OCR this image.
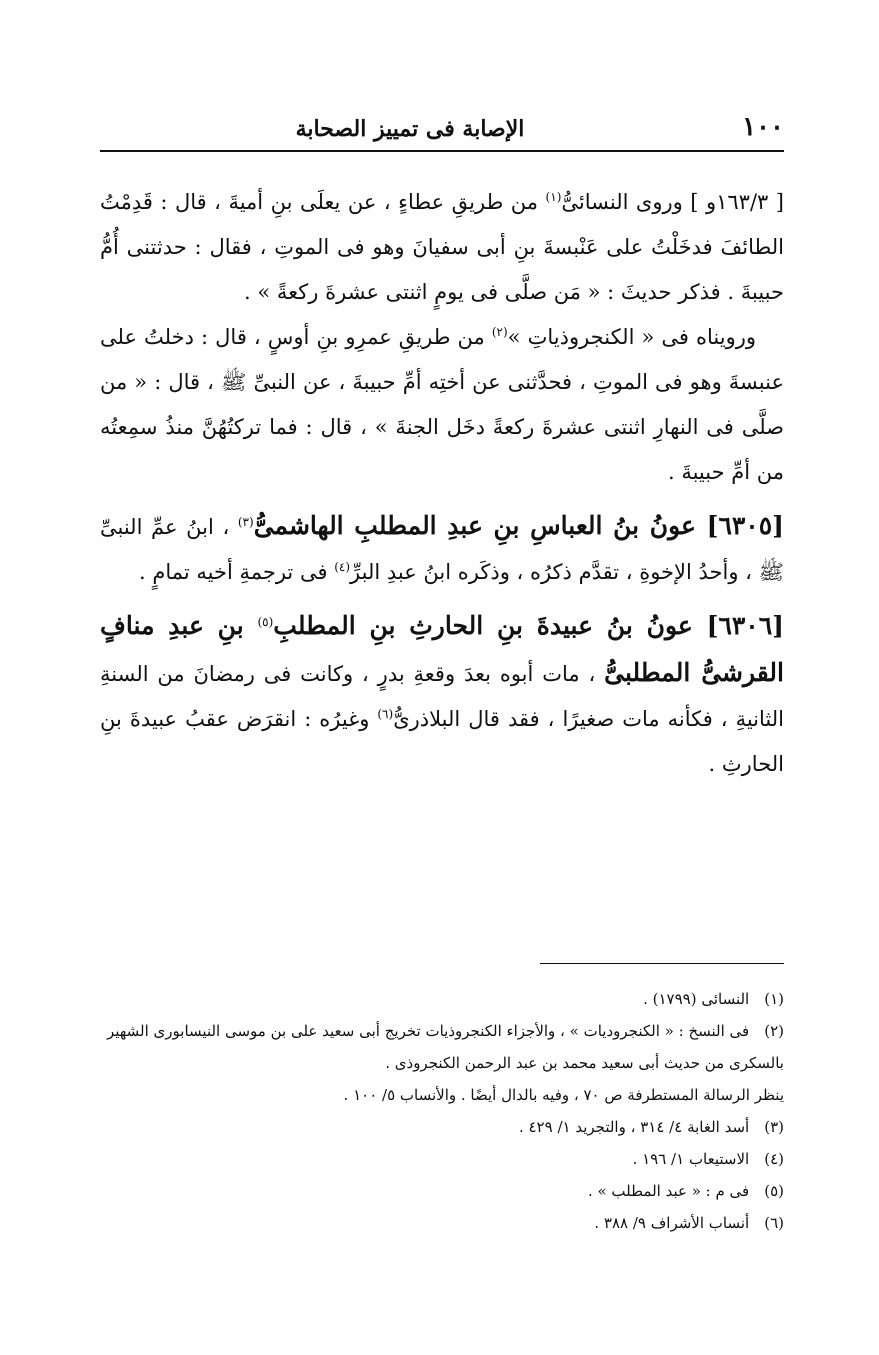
١٠٠
الإصابة فى تمييز الصحابة

[ ١٦٣/٣و ] وروى النسائىُّ$^{(١)}$ من طريقِ عطاءٍ ، عن يعلَى بنِ أميةَ ، قال : قَدِمْتُ الطائفَ فدخَلْتُ على عَنْبسةَ بنِ أبى سفيانَ وهو فى الموتِ ، فقال : حدثتنى أُمُّ حبيبةَ . فذكر حديثَ : « مَن صلَّى فى يومٍ اثنتى عشرةَ ركعةً » .

ورويناه فى « الكنجروذياتِ »$^{(٢)}$ من طريقِ عمرِو بنِ أوسٍ ، قال : دخلتُ على عنبسةَ وهو فى الموتِ ، فحدَّثنى عن أختِه أمِّ حبيبةَ ، عن النبىِّ ﷺ ، قال : « من صلَّى فى النهارِ اثنتى عشرةَ ركعةً دخَل الجنةَ » ، قال : فما تركتُهُنَّ منذُ سمِعتُه من أمِّ حبيبةَ .

[٦٣٠٥] عونُ بنُ العباسِ بنِ عبدِ المطلبِ الهاشمىُّ$^{(٣)}$ ، ابنُ عمِّ النبىِّ ﷺ ، وأحدُ الإخوةِ ، تقدَّم ذكرُه ، وذكَره ابنُ عبدِ البرِّ$^{(٤)}$ فى ترجمةِ أخيه تمامٍ .

[٦٣٠٦] عونُ بنُ عبيدةَ بنِ الحارثِ بنِ المطلبِ$^{(٥)}$ بنِ عبدِ منافٍ القرشىُّ المطلبىُّ ، مات أبوه بعدَ وقعةِ بدرٍ ، وكانت فى رمضانَ من السنةِ الثانيةِ ، فكأنه مات صغيرًا ، فقد قال البلاذرىُّ$^{(٦)}$ وغيرُه : انقرَض عقبُ عبيدةَ بنِ الحارثِ .

(١) النسائى (١٧٩٩) .

(٢) فى النسخ : « الكنجروديات » ، والأجزاء الكنجروذيات تخريج أبى سعيد على بن موسى النيسابورى الشهير بالسكرى من حديث أبى سعيد محمد بن عبد الرحمن الكنجروذى .

ينظر الرسالة المستطرفة ص ٧٠ ، وفيه بالدال أيضًا . والأنساب ٥/ ١٠٠ .

(٣) أسد الغابة ٤/ ٣١٤ ، والتجريد ١/ ٤٢٩ .

(٤) الاستيعاب ١/ ١٩٦ .

(٥) فى م : « عبد المطلب » .

(٦) أنساب الأشراف ٩/ ٣٨٨ .
